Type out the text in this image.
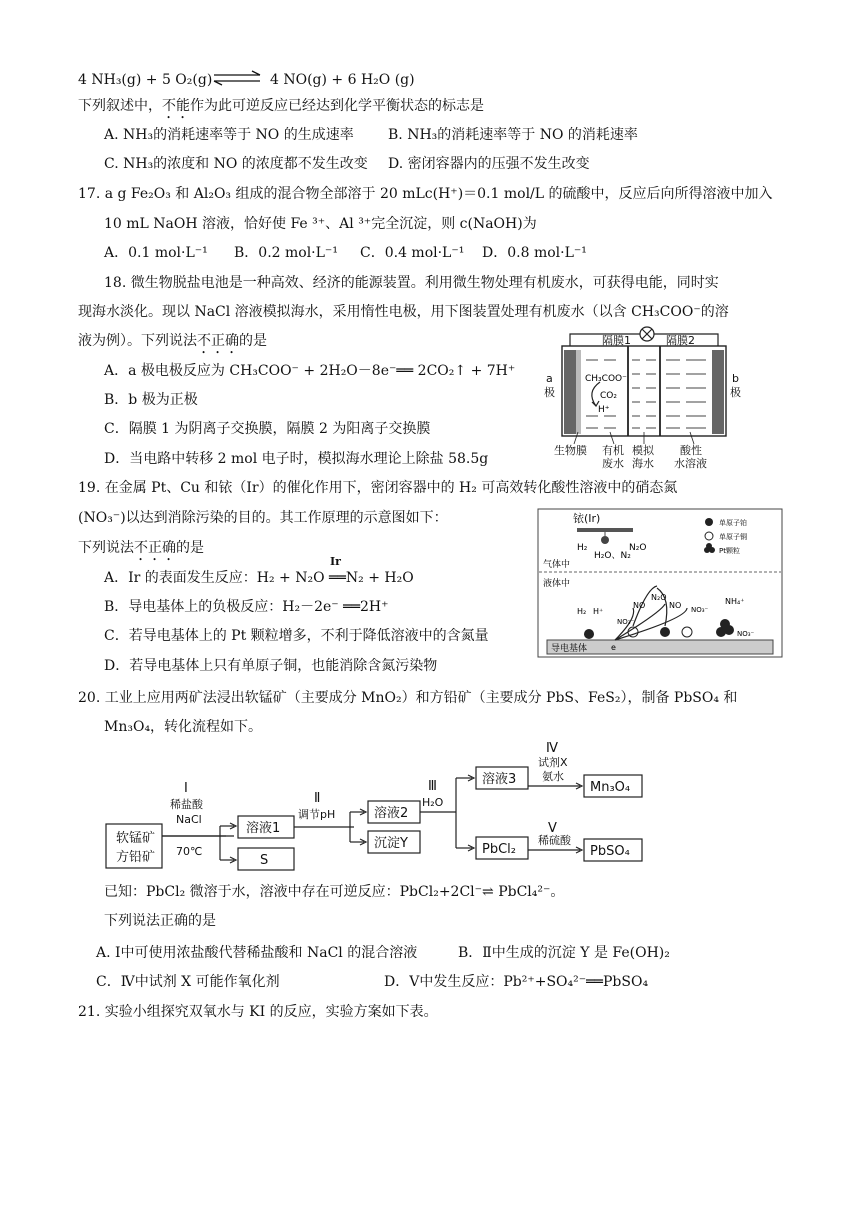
4 NH₃(g) + 5 O₂(g) ⇌ 4 NO(g) + 6 H₂O (g)
下列叙述中，不能作为此可逆反应已经达到化学平衡状态的标志是
A. NH₃的消耗速率等于 NO 的生成速率 B. NH₃的消耗速率等于 NO 的消耗速率
C. NH₃的浓度和 NO 的浓度都不发生改变 D. 密闭容器内的压强不发生改变
17. a g Fe₂O₃ 和 Al₂O₃ 组成的混合物全部溶于 20 mLc(H⁺)＝0.1 mol/L 的硫酸中，反应后向所得溶液中加入
10 mL NaOH 溶液，恰好使 Fe ³⁺、Al ³⁺完全沉淀，则 c(NaOH)为
A．0.1 mol·L⁻¹ B．0.2 mol·L⁻¹ C．0.4 mol·L⁻¹ D．0.8 mol·L⁻¹
18. 微生物脱盐电池是一种高效、经济的能源装置。利用微生物处理有机废水，可获得电能，同时实
现海水淡化。现以 NaCl 溶液模拟海水，采用惰性电极，用下图装置处理有机废水（以含 CH₃COO⁻的溶
液为例）。下列说法不正确的是
A．a 极电极反应为 CH₃COO⁻ + 2H₂O－8e⁻══ 2CO₂↑ + 7H⁺
B．b 极为正极
C．隔膜 1 为阴离子交换膜，隔膜 2 为阳离子交换膜
D．当电路中转移 2 mol 电子时，模拟海水理论上除盐 58.5g
隔膜1	隔膜2
a
极
b
极
CH₃COO⁻
CO₂
H⁺
生物膜 有机
废水
模拟
海水
酸性
水溶液
19. 在金属 Pt、Cu 和铱（Ir）的催化作用下，密闭容器中的 H₂ 可高效转化酸性溶液中的硝态氮
(NO₃⁻)以达到消除污染的目的。其工作原理的示意图如下：
下列说法不正确的是
Ir
A．Ir 的表面发生反应：H₂ + N₂O ══N₂ + H₂O
B．导电基体上的负极反应：H₂－2e⁻ ══2H⁺
C．若导电基体上的 Pt 颗粒增多，不利于降低溶液中的含氮量
D．若导电基体上只有单原子铜，也能消除含氮污染物
铱(Ir)
H₂
H₂O、N₂
N₂O
单原子铂
单原子铜
Pt颗粒
气体中
液体中
导电基体	e
H₂ H⁺
NO₃⁻
NO
N₂O
NO NO₃⁻
NH₄⁺
NO₃⁻
20. 工业上应用两矿法浸出软锰矿（主要成分 MnO₂）和方铅矿（主要成分 PbS、FeS₂），制备 PbSO₄ 和
Mn₃O₄，转化流程如下。
软锰矿
方铅矿
Ⅰ
稀盐酸
NaCl
70℃
溶液1
S
Ⅱ
调节pH	溶液2
沉淀Y
Ⅲ
H₂O
溶液3
PbCl₂
Ⅳ
试剂X
氨水
Mn₃O₄
Ⅴ
稀硫酸
PbSO₄
已知：PbCl₂ 微溶于水，溶液中存在可逆反应：PbCl₂+2Cl⁻⇌ PbCl₄²⁻。
下列说法正确的是
A. Ⅰ中可使用浓盐酸代替稀盐酸和 NaCl 的混合溶液	B．Ⅱ中生成的沉淀 Y 是 Fe(OH)₂
C．Ⅳ中试剂 X 可能作氧化剂	D．Ⅴ中发生反应：Pb²⁺+SO₄²⁻══PbSO₄
21. 实验小组探究双氧水与 KI 的反应，实验方案如下表。
